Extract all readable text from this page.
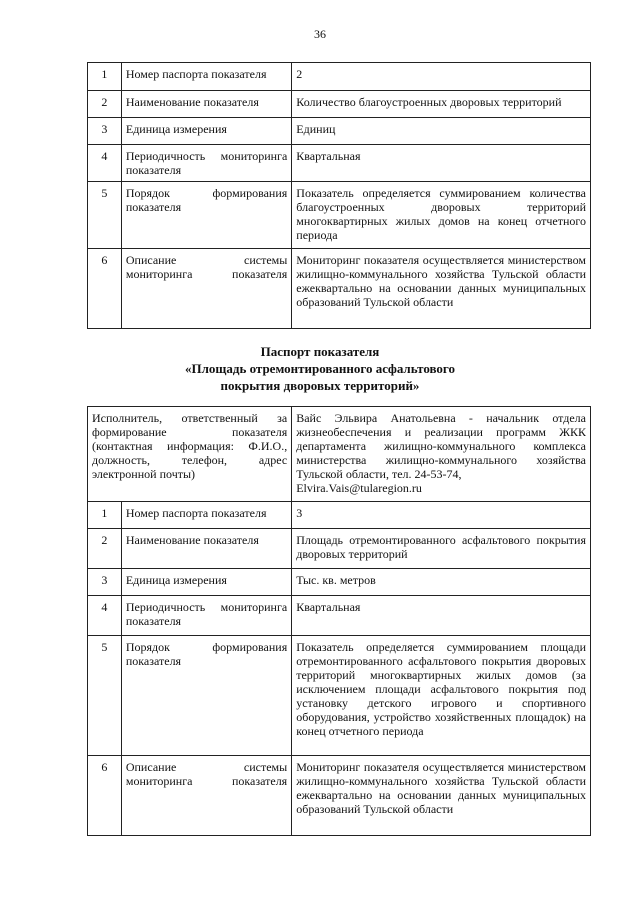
36
1	Номер паспорта показателя	2
2	Наименование показателя	Количество благоустроенных дворовых территорий
3	Единица измерения	Единиц
4	Периодичность мониторинга показателя	Квартальная
5	Порядок формирования показателя	Показатель определяется суммированием количества благоустроенных дворовых территорий многоквартирных жилых домов на конец отчетного периода
6	Описание системы мониторинга показателя	Мониторинг показателя осуществляется министерством жилищно-коммунального хозяйства Тульской области ежеквартально на основании данных муниципальных образований Тульской области
Паспорт показателя
«Площадь отремонтированного асфальтового
покрытия дворовых территорий»
Исполнитель, ответственный за формирование показателя (контактная информация: Ф.И.О., должность, телефон, адрес электронной почты)		Вайс Эльвира Анатольевна - начальник отдела жизнеобеспечения и реализации программ ЖКК департамента жилищно-коммунального комплекса министерства жилищно-коммунального хозяйства Тульской области, тел. 24-53-74,
Elvira.Vais@tularegion.ru

1	Номер паспорта показателя	3
2	Наименование показателя	Площадь отремонтированного асфальтового покрытия дворовых территорий
3	Единица измерения	Тыс. кв. метров
4	Периодичность мониторинга показателя	Квартальная
5	Порядок формирования показателя	Показатель определяется суммированием площади отремонтированного асфальтового покрытия дворовых территорий многоквартирных жилых домов (за исключением площади асфальтового покрытия под установку детского игрового и спортивного оборудования, устройство хозяйственных площадок) на конец отчетного периода
6	Описание системы мониторинга показателя	Мониторинг показателя осуществляется министерством жилищно-коммунального хозяйства Тульской области ежеквартально на основании данных муниципальных образований Тульской области
